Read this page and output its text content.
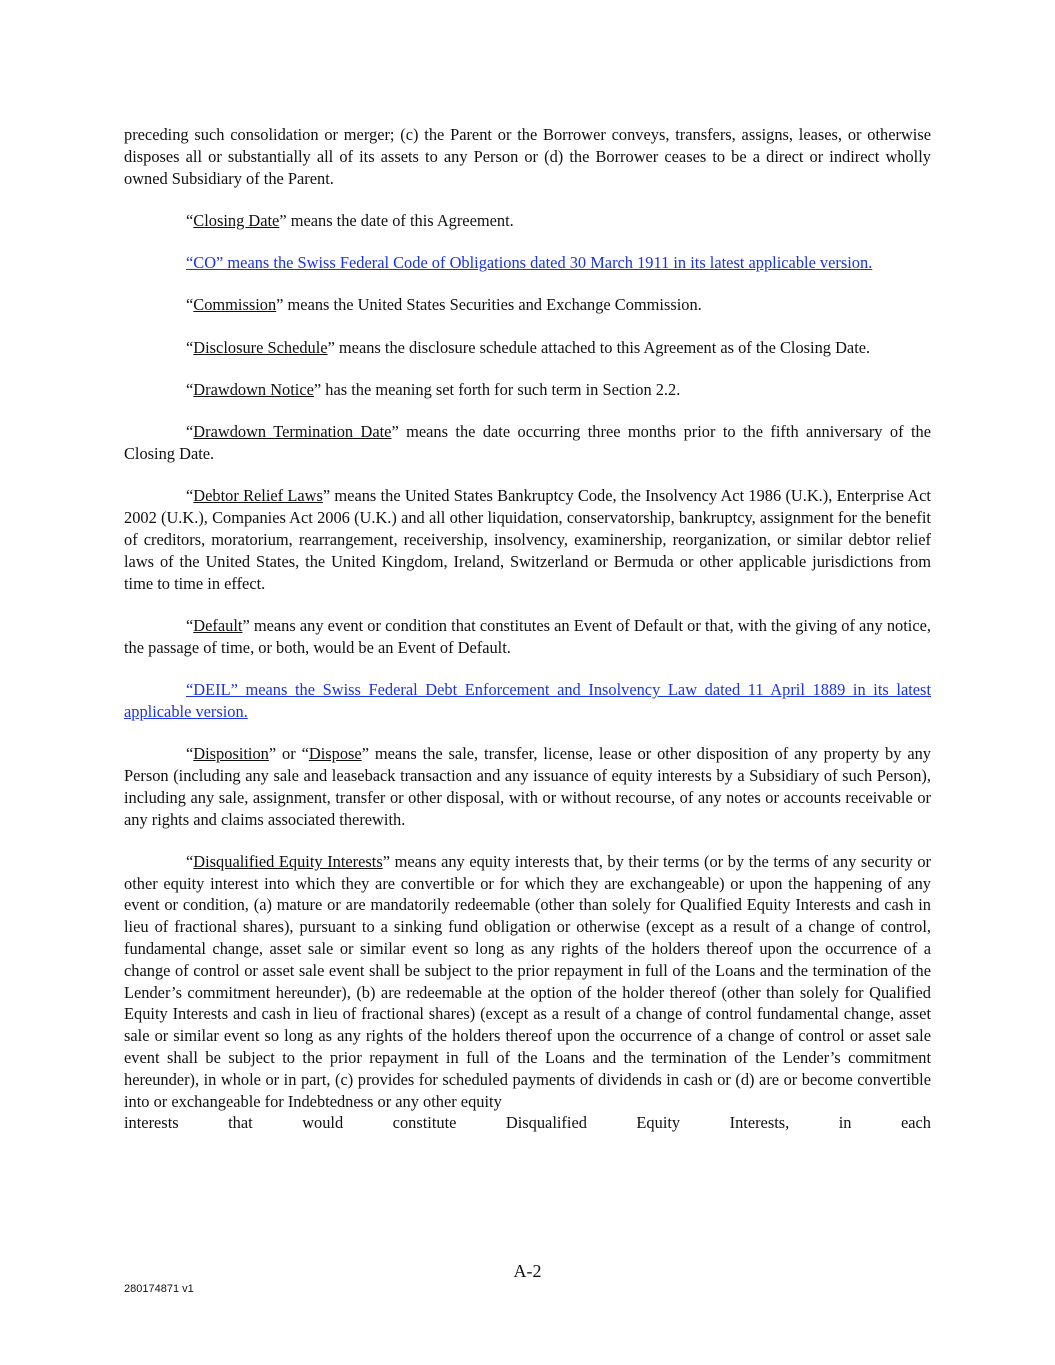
preceding such consolidation or merger; (c) the Parent or the Borrower conveys, transfers, assigns, leases, or otherwise disposes all or substantially all of its assets to any Person or (d) the Borrower ceases to be a direct or indirect wholly owned Subsidiary of the Parent.

“Closing Date” means the date of this Agreement.

“CO” means the Swiss Federal Code of Obligations dated 30 March 1911 in its latest applicable version.

“Commission” means the United States Securities and Exchange Commission.

“Disclosure Schedule” means the disclosure schedule attached to this Agreement as of the Closing Date.

“Drawdown Notice” has the meaning set forth for such term in Section 2.2.

“Drawdown Termination Date” means the date occurring three months prior to the fifth anniversary of the Closing Date.

“Debtor Relief Laws” means the United States Bankruptcy Code, the Insolvency Act 1986 (U.K.), Enterprise Act 2002 (U.K.), Companies Act 2006 (U.K.) and all other liquidation, conservatorship, bankruptcy, assignment for the benefit of creditors, moratorium, rearrangement, receivership, insolvency, examinership, reorganization, or similar debtor relief laws of the United States, the United Kingdom, Ireland, Switzerland or Bermuda or other applicable jurisdictions from time to time in effect.

“Default” means any event or condition that constitutes an Event of Default or that, with the giving of any notice, the passage of time, or both, would be an Event of Default.

“DEIL” means the Swiss Federal Debt Enforcement and Insolvency Law dated 11 April 1889 in its latest applicable version.

“Disposition” or “Dispose” means the sale, transfer, license, lease or other disposition of any property by any Person (including any sale and leaseback transaction and any issuance of equity interests by a Subsidiary of such Person), including any sale, assignment, transfer or other disposal, with or without recourse, of any notes or accounts receivable or any rights and claims associated therewith.

“Disqualified Equity Interests” means any equity interests that, by their terms (or by the terms of any security or other equity interest into which they are convertible or for which they are exchangeable) or upon the happening of any event or condition, (a) mature or are mandatorily redeemable (other than solely for Qualified Equity Interests and cash in lieu of fractional shares), pursuant to a sinking fund obligation or otherwise (except as a result of a change of control, fundamental change, asset sale or similar event so long as any rights of the holders thereof upon the occurrence of a change of control or asset sale event shall be subject to the prior repayment in full of the Loans and the termination of the Lender’s commitment hereunder), (b) are redeemable at the option of the holder thereof (other than solely for Qualified Equity Interests and cash in lieu of fractional shares) (except as a result of a change of control fundamental change, asset sale or similar event so long as any rights of the holders thereof upon the occurrence of a change of control or asset sale event shall be subject to the prior repayment in full of the Loans and the termination of the Lender’s commitment hereunder), in whole or in part, (c) provides for scheduled payments of dividends in cash or (d) are or become convertible into or exchangeable for Indebtedness or any other equity

interests that would constitute Disqualified Equity Interests, in each
A-2
280174871 v1
